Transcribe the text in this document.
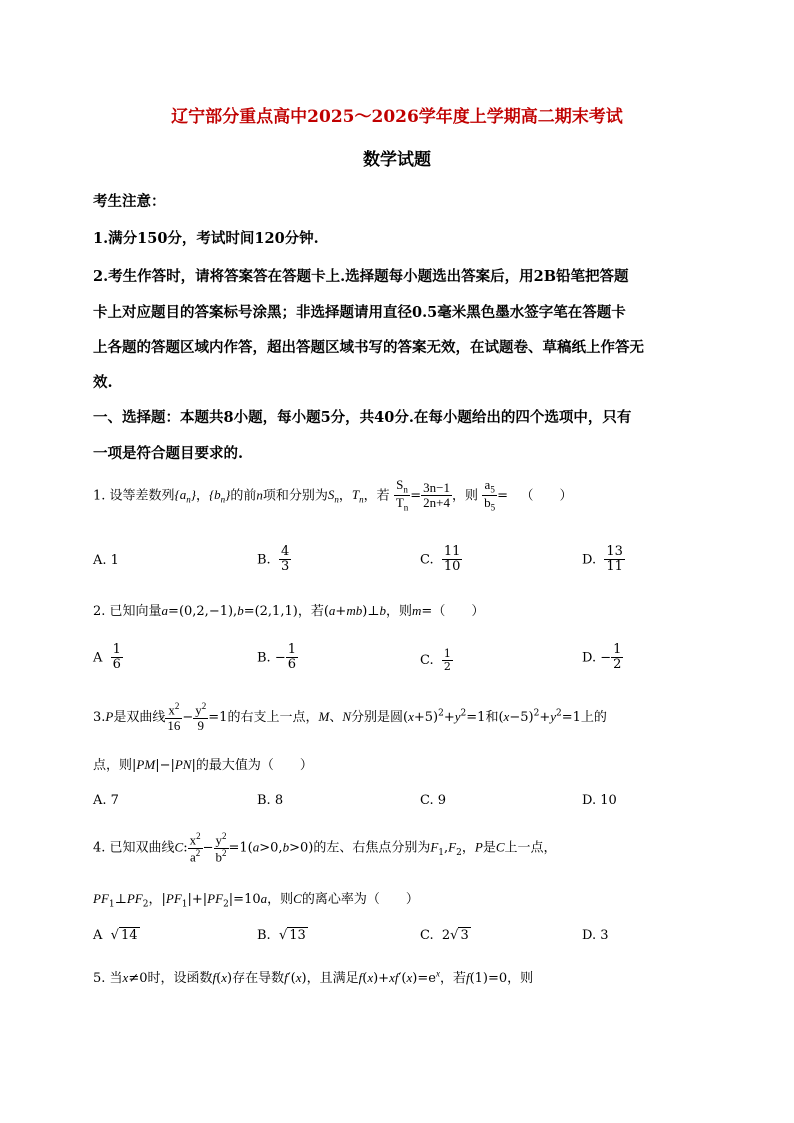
辽宁部分重点高中2025～2026学年度上学期高二期末考试
数学试题
考生注意：
1.满分150分，考试时间120分钟.
2.考生作答时，请将答案答在答题卡上.选择题每小题选出答案后，用2B铅笔把答题
卡上对应题目的答案标号涂黑；非选择题请用直径0.5毫米黑色墨水签字笔在答题卡
上各题的答题区域内作答，超出答题区域书写的答案无效，在试题卷、草稿纸上作答无
效.
一、选择题：本题共8小题，每小题5分，共40分.在每小题给出的四个选项中，只有
一项是符合题目要求的.
1. 设等差数列$\{a_n\}$，$\{b_n\}$的前n项和分别为$S_n$，$T_n$，若 $\frac{S_n}{T_n} = \frac{3n-1}{2n+4}$ ，则 $\frac{a_5}{b_5}$ =   （　　）
A. 1	B. $\frac{4}{3}$	C. $\frac{11}{10}$	D. $\frac{13}{11}$
2. 已知向量a=(0,2,−1),b=(2,1,1)，若(a+mb)⊥b，则m=（　　）
A $\frac{1}{6}$	B. − $\frac{1}{6}$	C. $\frac{1}{2}$	D. − $\frac{1}{2}$
3.P是双曲线 $\frac{x^2}{16} - \frac{y^2}{9} =1$的右支上一点，M、N分别是圆$(x+5)^2+y^2=1$和$(x-5)^2+y^2=1$上的
点，则|PM|−|PN|的最大值为（　　）
A. 7	B. 8	C. 9	D. 10
4. 已知双曲线C: $\frac{x^2}{a^2} - \frac{y^2}{b^2} =1(a>0,b>0)$的左、右焦点分别为$F_1,F_2$，P是C上一点，
$PF_1\perp PF_2$，$|PF_1|+|PF_2|=10a$，则C的离心率为（　　）
A  √ 14	B.  √ 13	C.  2√ 3	D. 3
5. 当x≠0时，设函数f(x)存在导数f′(x)，且满足$f(x)+xf'(x)=e^x$，若f(1)=0，则
